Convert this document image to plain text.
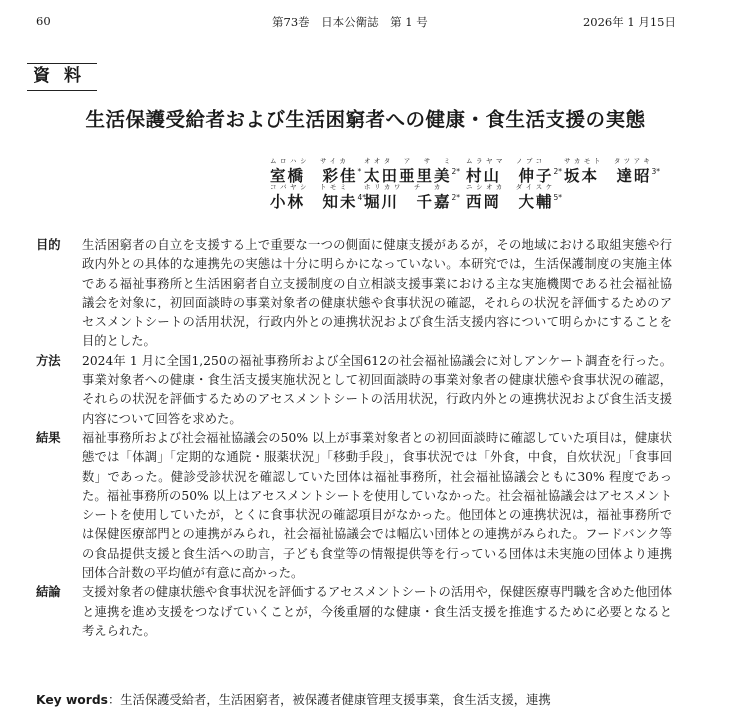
60	第73巻　日本公衛誌　第 1 号	2026年 1 月15日
資料
生活保護受給者および生活困窮者への健康・食生活支援の実態
ムロハシ　サイカ
室橋　彩佳*
オオタ　ア　サ　ミ
太田亜里美$^{2*}$
ムラヤマ　ノブコ
村山　伸子$^{2*}$
サカモト　タツアキ
坂本　達昭$^{3*}$
コバヤシ　トモミ
小林　知未$^{4*}$
ホリカワ　チ　カ
堀川　千嘉$^{2*}$
ニシオカ　ダイスケ
西岡　大輔$^{5*}$
目的	生活困窮者の自立を支援する上で重要な一つの側面に健康支援があるが，その地域における取組実態や行政内外との具体的な連携先の実態は十分に明らかになっていない。本研究では，生活保護制度の実施主体である福祉事務所と生活困窮者自立支援制度の自立相談支援事業における主な実施機関である社会福祉協議会を対象に，初回面談時の事業対象者の健康状態や食事状況の確認，それらの状況を評価するためのアセスメントシートの活用状況，行政内外との連携状況および食生活支援内容について明らかにすることを目的とした。
方法	2024年 1 月に全国1,250の福祉事務所および全国612の社会福祉協議会に対しアンケート調査を行った。事業対象者への健康・食生活支援実施状況として初回面談時の事業対象者の健康状態や食事状況の確認，それらの状況を評価するためのアセスメントシートの活用状況，行政内外との連携状況および食生活支援内容について回答を求めた。
結果	福祉事務所および社会福祉協議会の50% 以上が事業対象者との初回面談時に確認していた項目は，健康状態では「体調」「定期的な通院・服薬状況」「移動手段」，食事状況では「外食，中食，自炊状況」「食事回数」であった。健診受診状況を確認していた団体は福祉事務所，社会福祉協議会ともに30% 程度であった。福祉事務所の50% 以上はアセスメントシートを使用していなかった。社会福祉協議会はアセスメントシートを使用していたが，とくに食事状況の確認項目がなかった。他団体との連携状況は，福祉事務所では保健医療部門との連携がみられ，社会福祉協議会では幅広い団体との連携がみられた。フードバンク等の食品提供支援と食生活への助言，子ども食堂等の情報提供等を行っている団体は未実施の団体より連携団体合計数の平均値が有意に高かった。
結論	支援対象者の健康状態や食事状況を評価するアセスメントシートの活用や，保健医療専門職を含めた他団体と連携を進め支援をつなげていくことが，今後重層的な健康・食生活支援を推進するために必要となると考えられた。
Key words：生活保護受給者，生活困窮者，被保護者健康管理支援事業，食生活支援，連携
